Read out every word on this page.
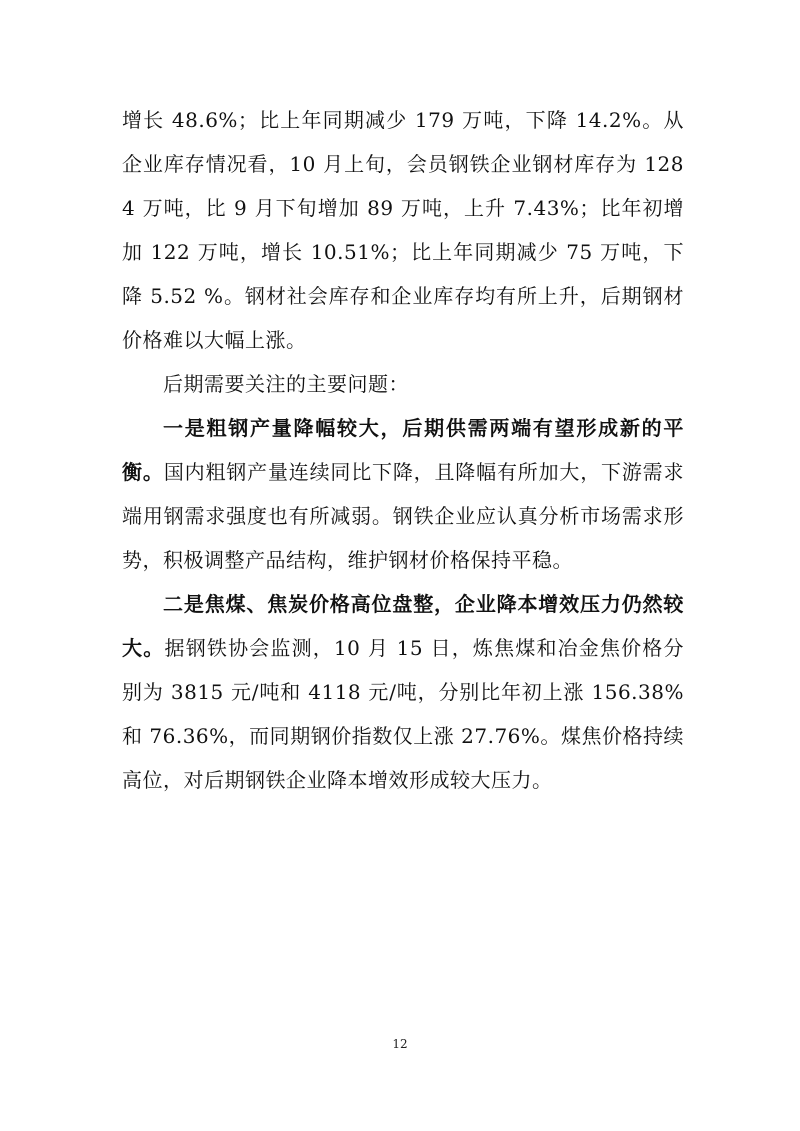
增长 48.6%；比上年同期减少 179 万吨，下降 14.2%。从企业库存情况看，10 月上旬，会员钢铁企业钢材库存为 1284 万吨，比 9 月下旬增加 89 万吨，上升 7.43%；比年初增加 122 万吨，增长 10.51%；比上年同期减少 75 万吨，下降 5.52 %。钢材社会库存和企业库存均有所上升，后期钢材价格难以大幅上涨。

后期需要关注的主要问题：

一是粗钢产量降幅较大，后期供需两端有望形成新的平衡。国内粗钢产量连续同比下降，且降幅有所加大，下游需求端用钢需求强度也有所减弱。钢铁企业应认真分析市场需求形势，积极调整产品结构，维护钢材价格保持平稳。

二是焦煤、焦炭价格高位盘整，企业降本增效压力仍然较大。据钢铁协会监测，10 月 15 日，炼焦煤和冶金焦价格分别为 3815 元/吨和 4118 元/吨，分别比年初上涨 156.38%和 76.36%，而同期钢价指数仅上涨 27.76%。煤焦价格持续高位，对后期钢铁企业降本增效形成较大压力。

12
